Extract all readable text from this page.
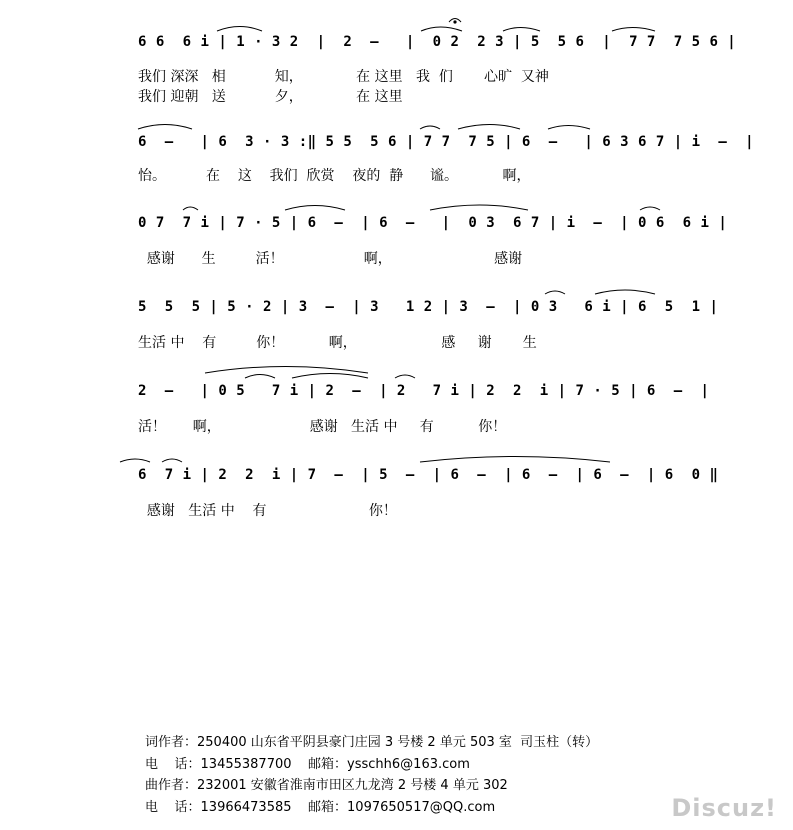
6 6  6 i | 1 · 3 2  |  2  –   |  0 2  2 3 | 5  5 6  |  7 7  7 5 6 |
我们 深深   相           知，            在 这里   我  们       心旷  又神
我们 迎朝   送           夕，            在 这里
6  –   | 6  3 · 3 :‖ 5 5  5 6 | 7 7  7 5 | 6  –   | 6 3 6 7 | i  –  |
怡。         在    这    我们  欣赏    夜的  静      谧。          啊，
0 7  7 i | 7 · 5 | 6  –  | 6  –   |  0 3  6 7 | i  –  | 0 6  6 i |
感谢      生         活！                  啊，                       感谢
5  5  5 | 5 · 2 | 3  –  | 3   1 2 | 3  –  | 0 3   6 i | 6  5  1 |
生活 中    有         你！          啊，                   感     谢       生
2  –   | 0 5   7 i | 2  –  | 2   7 i | 2  2  i | 7 · 5 | 6  –  |
活！      啊，                    感谢   生活 中     有          你！
6  7 i | 2  2  i | 7  –  | 5  –  | 6  –  | 6  –  | 6  –  | 6  0 ‖
感谢   生活 中    有                       你！
词作者：250400 山东省平阴县豪门庄园 3 号楼 2 单元 503 室  司玉柱（转）
电    话：13455387700    邮箱：ysschh6@163.com
曲作者：232001 安徽省淮南市田区九龙湾 2 号楼 4 单元 302
电    话：13966473585    邮箱：1097650517@QQ.com	Discuz!
